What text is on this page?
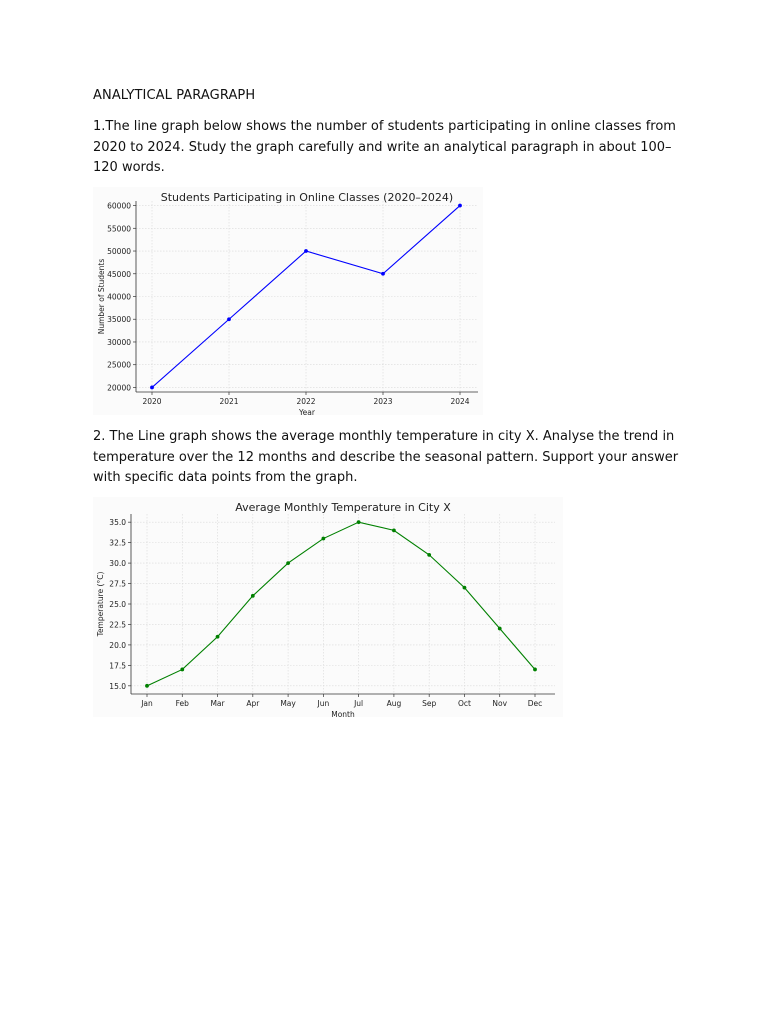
ANALYTICAL PARAGRAPH
1.The line graph below shows the number of students participating in online classes from 2020 to 2024. Study the graph carefully and write an analytical paragraph in about 100–120 words.
Students Participating in Online Classes (2020–2024)
20000
25000
30000
35000
40000
45000
50000
55000
60000
2020	2021	2022	2023	2024
Year
Number of Students
2. The Line graph shows the average monthly temperature in city X. Analyse the trend in temperature over the 12 months and describe the seasonal pattern. Support your answer with specific data points from the graph.
Average Monthly Temperature in City X
15.0
17.5
20.0
22.5
25.0
27.5
30.0
32.5
35.0
Jan	Feb	Mar	Apr	May	Jun	Jul	Aug	Sep	Oct	Nov	Dec
Month
Temperature (°C)
